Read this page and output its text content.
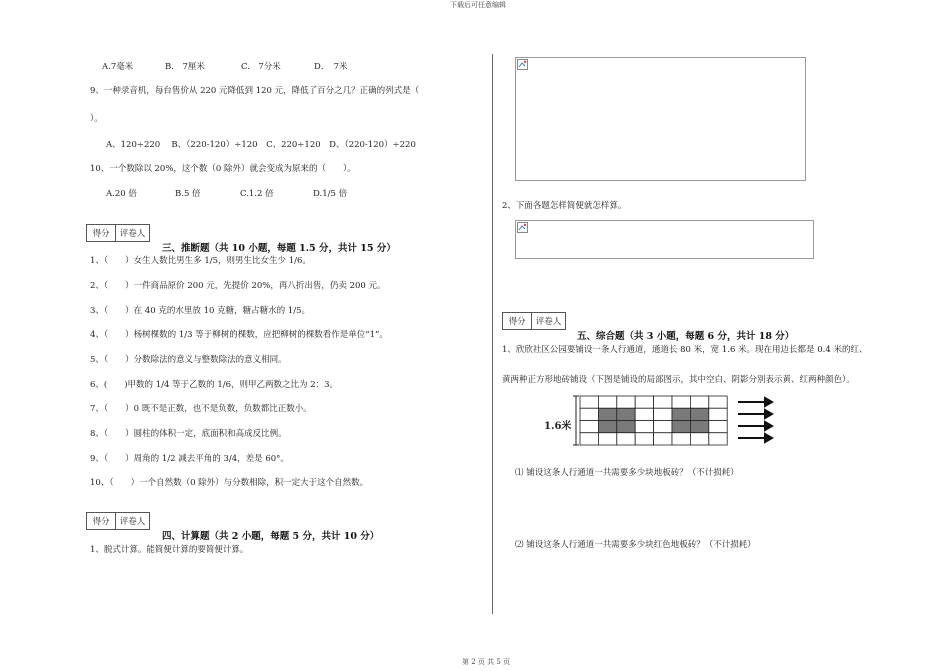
下载后可任意编辑
第 2 页 共 5 页
A.7毫米	B.　7厘米	C.　7分米	D．　7米
9、一种录音机，每台售价从 220 元降低到 120 元，降低了百分之几？正确的列式是（
）。
A、120÷220　 B、（220-120）÷120　C、220÷120　D、（220-120）÷220
10、一个数除以 20%，这个数（0 除外）就会变成为原来的（　　）。
A.20 倍	B.5 倍	C.1.2 倍	D.1/5 倍
得分	评卷人
三、推断题（共 10 小题，每题 1.5 分，共计 15 分）
1、（　　）女生人数比男生多 1/5，则男生比女生少 1/6。
2、（　　）一件商品原价 200 元，先提价 20%，再八折出售，仍卖 200 元。
3、（　　）在 40 克的水里放 10 克糖，糖占糖水的 1/5。
4、（　　）杨树棵数的 1/3 等于柳树的棵数，应把柳树的棵数看作是单位“1”。
5、（　　）分数除法的意义与整数除法的意义相同。
6、(　　)甲数的 1/4 等于乙数的 1/6，则甲乙两数之比为 2：3。
7、（　　）0 既不是正数，也不是负数，负数都比正数小。
8、（　　）圆柱的体积一定，底面积和高成反比例。
9、（　　）周角的 1/2 减去平角的 3/4，差是 60°。
10、（　　）一个自然数（0 除外）与分数相除，积一定大于这个自然数。
得分	评卷人
四、计算题（共 2 小题，每题 5 分，共计 10 分）
1、脱式计算。能简便计算的要简便计算。
2、下面各题怎样简便就怎样算。
得分	评卷人
五、综合题（共 3 小题，每题 6 分，共计 18 分）
1、欣欣社区公园要铺设一条人行通道，通道长 80 米，宽 1.6 米。现在用边长都是 0.4 米的红、
黄两种正方形地砖铺设（下图是铺设的局部图示，其中空白、阴影分别表示黄、红两种颜色）。
1.6米
⑴ 铺设这条人行通道一共需要多少块地板砖？（不计损耗）
⑵ 铺设这条人行通道一共需要多少块红色地板砖？（不计损耗）
